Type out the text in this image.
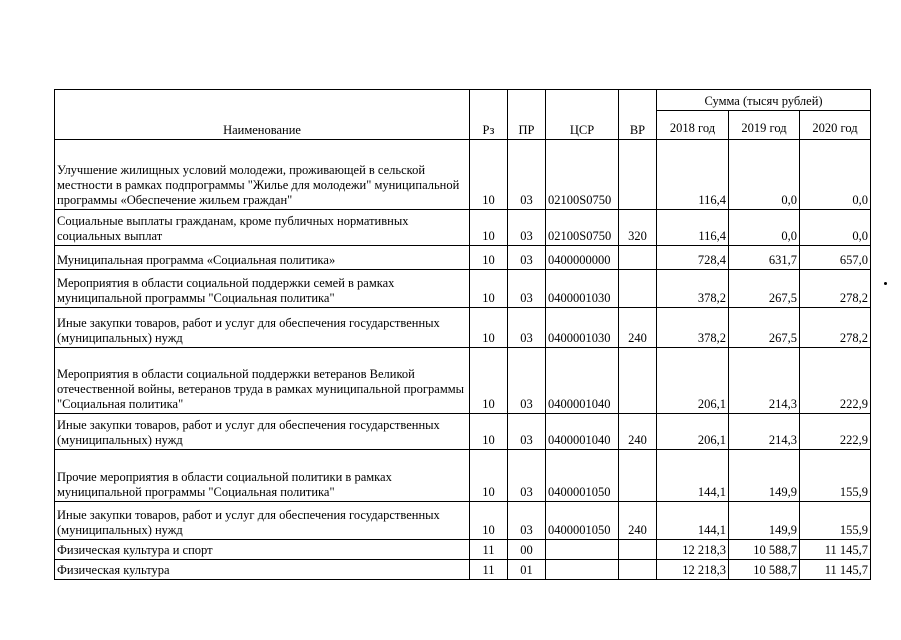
Наименование	Рз	ПР	ЦСР	ВР	Сумма (тысяч рублей)		
					2018 год	2019 год	2020 год
Улучшение жилищных условий молодежи, проживающей в сельской местности в рамках подпрограммы "Жилье для молодежи" муниципальной программы «Обеспечение жильем граждан"	10	03	02100S0750		116,4	0,0	0,0
Социальные выплаты гражданам, кроме публичных нормативных социальных выплат	10	03	02100S0750	320	116,4	0,0	0,0
Муниципальная программа «Социальная политика»	10	03	0400000000		728,4	631,7	657,0
Мероприятия в области социальной поддержки семей в рамках муниципальной программы "Социальная политика"	10	03	0400001030		378,2	267,5	278,2
Иные закупки товаров, работ и услуг для обеспечения государственных (муниципальных) нужд	10	03	0400001030	240	378,2	267,5	278,2
Мероприятия в области социальной поддержки ветеранов Великой отечественной войны, ветеранов труда в рамках муниципальной программы "Социальная политика"	10	03	0400001040		206,1	214,3	222,9
Иные закупки товаров, работ и услуг для обеспечения государственных (муниципальных) нужд	10	03	0400001040	240	206,1	214,3	222,9
Прочие мероприятия в области социальной политики в рамках муниципальной программы "Социальная политика"	10	03	0400001050		144,1	149,9	155,9
Иные закупки товаров, работ и услуг для обеспечения государственных (муниципальных) нужд	10	03	0400001050	240	144,1	149,9	155,9
Физическая культура и спорт	11	00			12 218,3	10 588,7	11 145,7
Физическая культура	11	01			12 218,3	10 588,7	11 145,7
